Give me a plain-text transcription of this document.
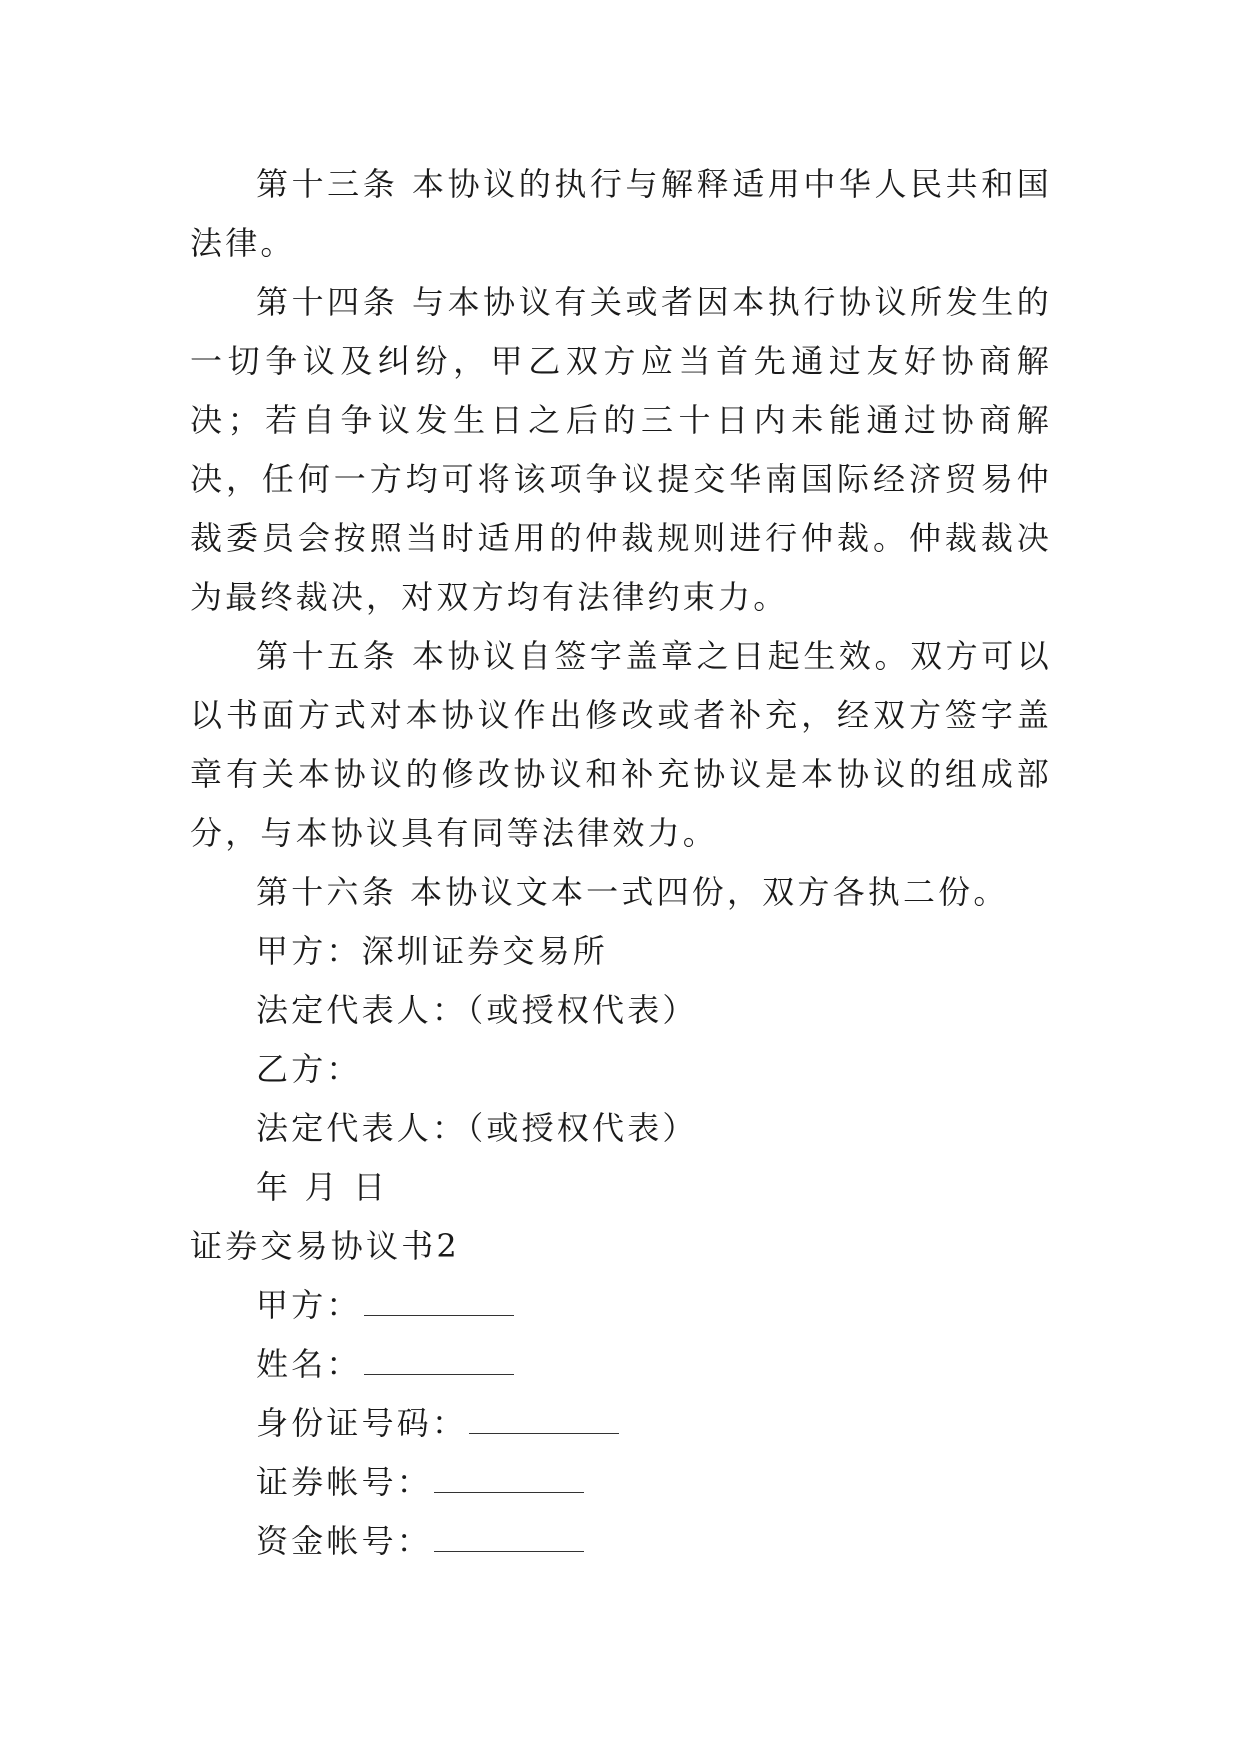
第十三条 本协议的执行与解释适用中华人民共和国法律。

第十四条 与本协议有关或者因本执行协议所发生的一切争议及纠纷，甲乙双方应当首先通过友好协商解决；若自争议发生日之后的三十日内未能通过协商解决，任何一方均可将该项争议提交华南国际经济贸易仲裁委员会按照当时适用的仲裁规则进行仲裁。仲裁裁决为最终裁决，对双方均有法律约束力。

第十五条 本协议自签字盖章之日起生效。双方可以以书面方式对本协议作出修改或者补充，经双方签字盖章有关本协议的修改协议和补充协议是本协议的组成部分，与本协议具有同等法律效力。

第十六条 本协议文本一式四份，双方各执二份。

甲方：深圳证券交易所

法定代表人：（或授权代表）

乙方：

法定代表人：（或授权代表）

年 月 日

证券交易协议书2

甲方：

姓名：

身份证号码：

证券帐号：

资金帐号：
